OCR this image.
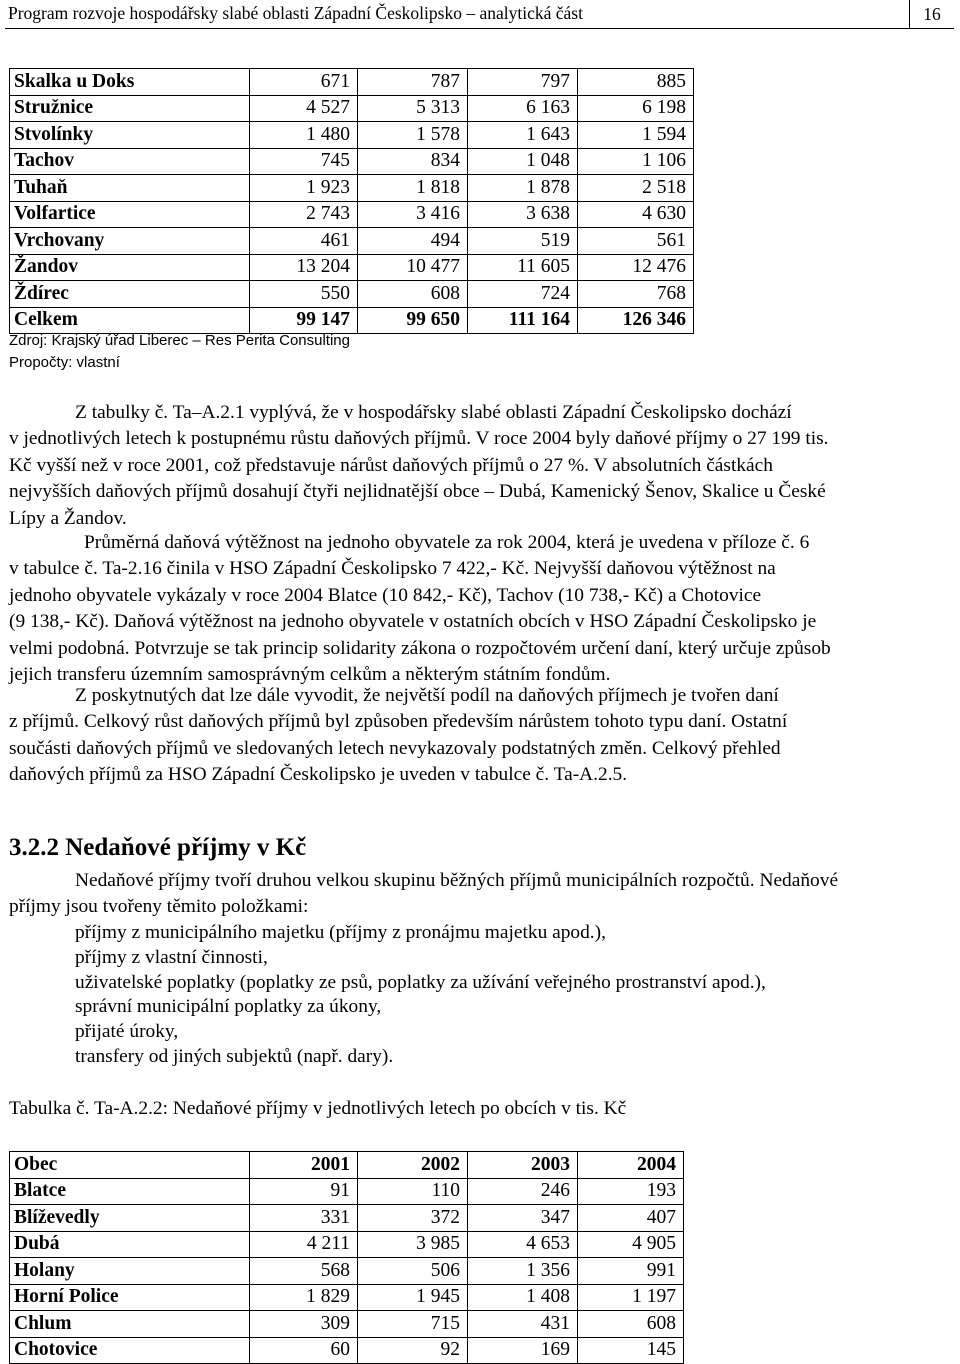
Program rozvoje hospodářsky slabé oblasti Západní Českolipsko – analytická část	16
Skalka u Doks	671	787	797	885
Stružnice	4 527	5 313	6 163	6 198
Stvolínky	1 480	1 578	1 643	1 594
Tachov	745	834	1 048	1 106
Tuhaň	1 923	1 818	1 878	2 518
Volfartice	2 743	3 416	3 638	4 630
Vrchovany	461	494	519	561
Žandov	13 204	10 477	11 605	12 476
Ždírec	550	608	724	768
Celkem	99 147	99 650	111 164	126 346
Zdroj: Krajský úřad Liberec – Res Perita Consulting
Propočty: vlastní
Z tabulky č. Ta–A.2.1 vyplývá, že v hospodářsky slabé oblasti Západní Českolipsko dochází
v jednotlivých letech k postupnému růstu daňových příjmů. V roce 2004 byly daňové příjmy o 27 199 tis.
Kč vyšší než v roce 2001, což představuje nárůst daňových příjmů o 27 %. V absolutních částkách
nejvyšších daňových příjmů dosahují čtyři nejlidnatější obce – Dubá, Kamenický Šenov, Skalice u České
Lípy a Žandov.
Průměrná daňová výtěžnost na jednoho obyvatele za rok 2004, která je uvedena v příloze č. 6
v tabulce č. Ta-2.16 činila v HSO Západní Českolipsko 7 422,- Kč. Nejvyšší daňovou výtěžnost na
jednoho obyvatele vykázaly v roce 2004 Blatce (10 842,- Kč), Tachov (10 738,- Kč) a Chotovice
(9 138,- Kč). Daňová výtěžnost na jednoho obyvatele v ostatních obcích v HSO Západní Českolipsko je
velmi podobná. Potvrzuje se tak princip solidarity zákona o rozpočtovém určení daní, který určuje způsob
jejich transferu územním samosprávným celkům a některým státním fondům.
Z poskytnutých dat lze dále vyvodit, že největší podíl na daňových příjmech je tvořen daní
z příjmů. Celkový růst daňových příjmů byl způsoben především nárůstem tohoto typu daní. Ostatní
součásti daňových příjmů ve sledovaných letech nevykazovaly podstatných změn. Celkový přehled
daňových příjmů za HSO Západní Českolipsko je uveden v tabulce č. Ta-A.2.5.
3.2.2 Nedaňové příjmy v Kč
Nedaňové příjmy tvoří druhou velkou skupinu běžných příjmů municipálních rozpočtů. Nedaňové
příjmy jsou tvořeny těmito položkami:
příjmy z municipálního majetku (příjmy z pronájmu majetku apod.),
příjmy z vlastní činnosti,
uživatelské poplatky (poplatky ze psů, poplatky za užívání veřejného prostranství apod.),
správní municipální poplatky za úkony,
přijaté úroky,
transfery od jiných subjektů (např. dary).

Tabulka č. Ta-A.2.2: Nedaňové příjmy v jednotlivých letech po obcích v tis. Kč

Obec	2001	2002	2003	2004
Blatce	91	110	246	193
Blíževedly	331	372	347	407
Dubá	4 211	3 985	4 653	4 905
Holany	568	506	1 356	991
Horní Police	1 829	1 945	1 408	1 197
Chlum	309	715	431	608
Chotovice	60	92	169	145
